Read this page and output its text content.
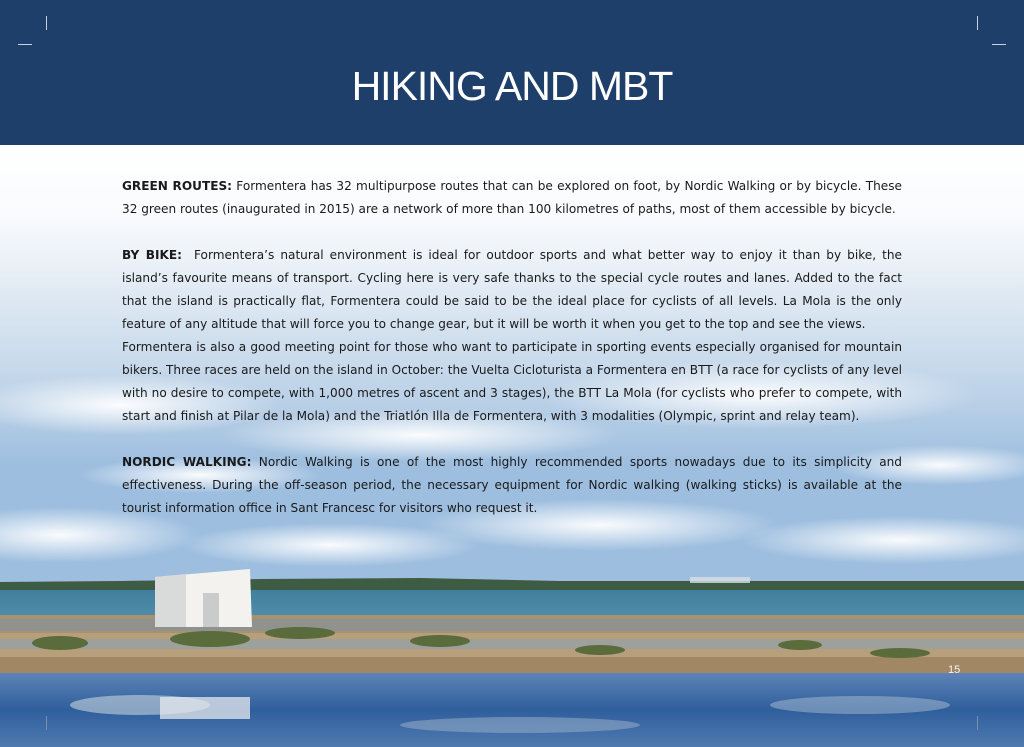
HIKING AND MBT

GREEN ROUTES: Formentera has 32 multipurpose routes that can be explored on foot, by Nordic Walking or by bicycle. These 32 green routes (inaugurated in 2015) are a network of more than 100 kilometres of paths, most of them accessible by bicycle.

BY BIKE: Formentera’s natural environment is ideal for outdoor sports and what better way to enjoy it than by bike, the island’s favourite means of transport. Cycling here is very safe thanks to the special cycle routes and lanes. Added to the fact that the island is practically flat, Formentera could be said to be the ideal place for cyclists of all levels. La Mola is the only feature of any altitude that will force you to change gear, but it will be worth it when you get to the top and see the views.

Formentera is also a good meeting point for those who want to participate in sporting events especially organised for mountain bikers. Three races are held on the island in October: the Vuelta Cicloturista a Formentera en BTT (a race for cyclists of any level with no desire to compete, with 1,000 metres of ascent and 3 stages), the BTT La Mola (for cyclists who prefer to compete, with start and finish at Pilar de la Mola) and the Triatlón Illa de Formentera, with 3 modalities (Olympic, sprint and relay team).

NORDIC WALKING: Nordic Walking is one of the most highly recommended sports nowadays due to its simplicity and effectiveness. During the off-season period, the necessary equipment for Nordic walking (walking sticks) is available at the tourist information office in Sant Francesc for visitors who request it.

15
